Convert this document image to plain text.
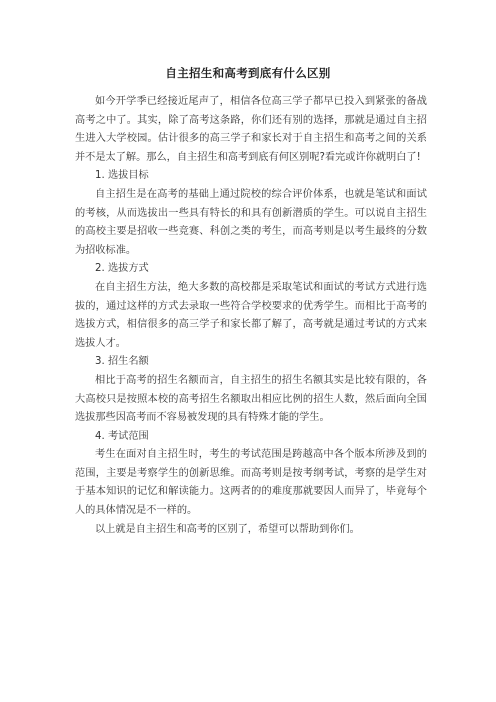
自主招生和高考到底有什么区别

如今开学季已经接近尾声了，相信各位高三学子都早已投入到紧张的备战高考之中了。其实，除了高考这条路，你们还有别的选择，那就是通过自主招生进入大学校园。估计很多的高三学子和家长对于自主招生和高考之间的关系并不是太了解。那么，自主招生和高考到底有何区别呢?看完或许你就明白了!

1. 选拔目标

自主招生是在高考的基础上通过院校的综合评价体系，也就是笔试和面试的考核，从而选拔出一些具有特长的和具有创新潜质的学生。可以说自主招生的高校主要是招收一些竞赛、科创之类的考生，而高考则是以考生最终的分数为招收标准。

2. 选拔方式

在自主招生方法，绝大多数的高校都是采取笔试和面试的考试方式进行选拔的，通过这样的方式去录取一些符合学校要求的优秀学生。而相比于高考的选拔方式，相信很多的高三学子和家长都了解了，高考就是通过考试的方式来选拔人才。

3. 招生名额

相比于高考的招生名额而言，自主招生的招生名额其实是比较有限的，各大高校只是按照本校的高考招生名额取出相应比例的招生人数，然后面向全国选拔那些因高考而不容易被发现的具有特殊才能的学生。

4. 考试范围

考生在面对自主招生时，考生的考试范围是跨越高中各个版本所涉及到的范围，主要是考察学生的创新思维。而高考则是按考纲考试，考察的是学生对于基本知识的记忆和解读能力。这两者的的难度那就要因人而异了，毕竟每个人的具体情况是不一样的。

以上就是自主招生和高考的区别了，希望可以帮助到你们。
